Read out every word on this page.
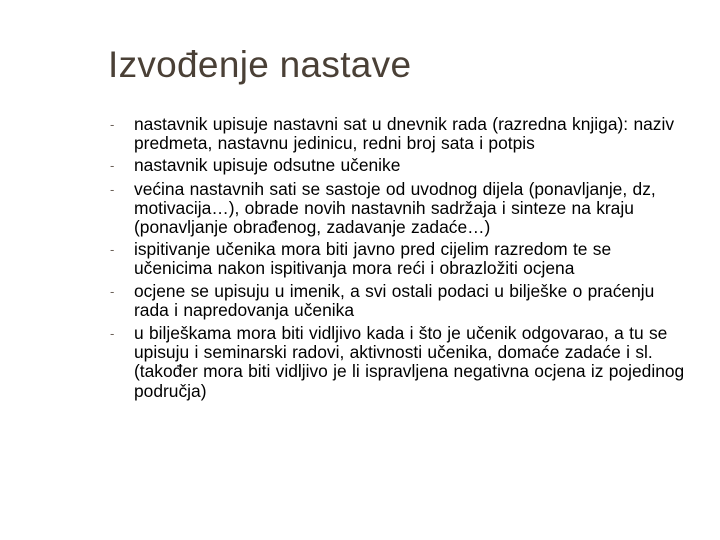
Izvođenje nastave
- nastavnik upisuje nastavni sat u dnevnik rada (razredna knjiga): naziv predmeta, nastavnu jedinicu, redni broj sata i potpis
- nastavnik upisuje odsutne učenike
- većina nastavnih sati se sastoje od uvodnog dijela (ponavljanje, dz, motivacija…), obrade novih nastavnih sadržaja i sinteze na kraju (ponavljanje obrađenog, zadavanje zadaće…)
- ispitivanje učenika mora biti javno pred cijelim razredom te se učenicima nakon ispitivanja mora reći i obrazložiti ocjena
- ocjene se upisuju u imenik, a svi ostali podaci u bilješke o praćenju rada i napredovanja učenika
- u bilješkama mora biti vidljivo kada i što je učenik odgovarao, a tu se upisuju i seminarski radovi, aktivnosti učenika, domaće zadaće i sl. (također mora biti vidljivo je li ispravljena negativna ocjena iz pojedinog područja)
